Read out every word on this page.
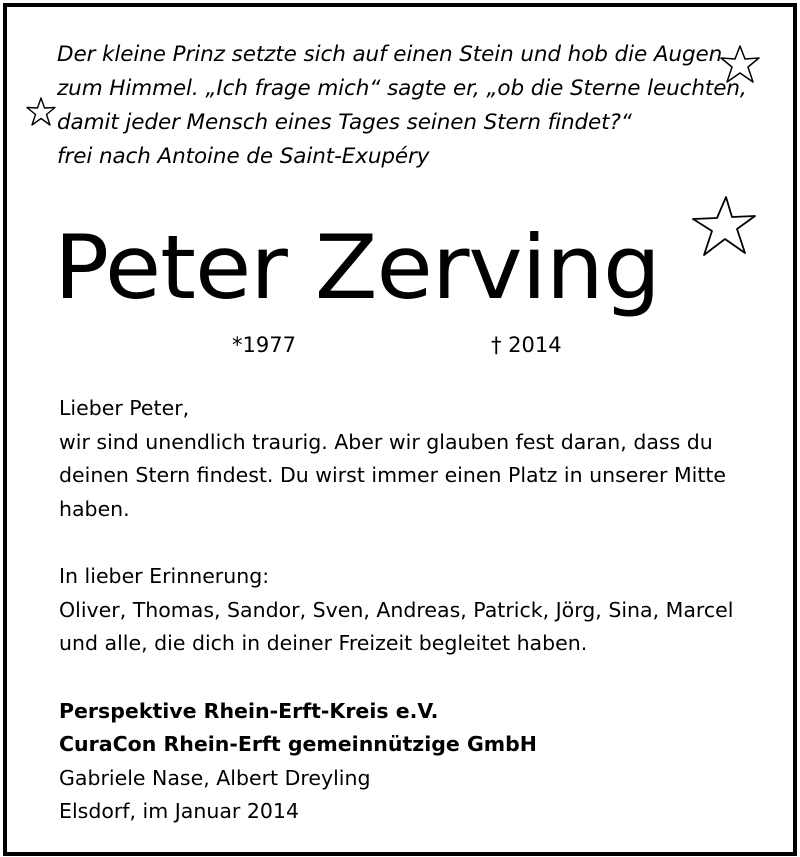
Der kleine Prinz setzte sich auf einen Stein und hob die Augen
zum Himmel. „Ich frage mich“ sagte er, „ob die Sterne leuchten,
damit jeder Mensch eines Tages seinen Stern findet?“
frei nach Antoine de Saint-Exupéry
Peter Zerving
*1977	† 2014
Lieber Peter,
wir sind unendlich traurig. Aber wir glauben fest daran, dass du
deinen Stern findest. Du wirst immer einen Platz in unserer Mitte
haben.
In lieber Erinnerung:
Oliver, Thomas, Sandor, Sven, Andreas, Patrick, Jörg, Sina, Marcel
und alle, die dich in deiner Freizeit begleitet haben.
Perspektive Rhein-Erft-Kreis e.V.
CuraCon Rhein-Erft gemeinnützige GmbH
Gabriele Nase, Albert Dreyling
Elsdorf, im Januar 2014
